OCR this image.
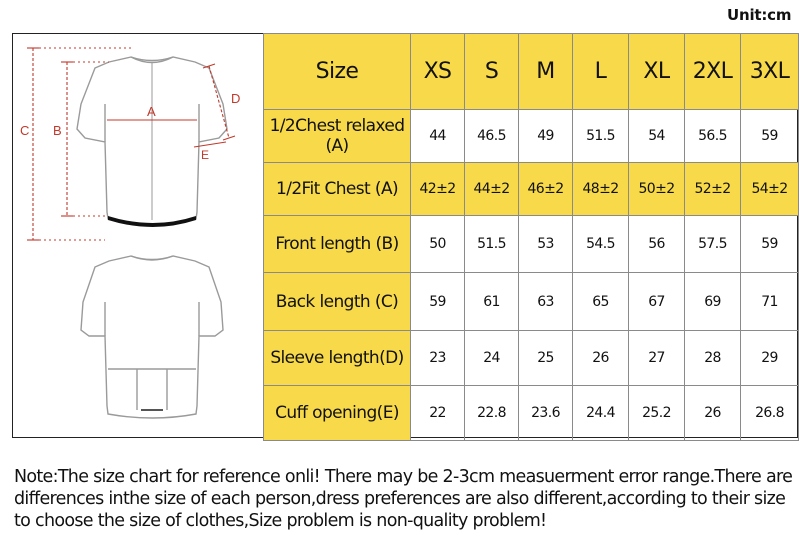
Unit:cm
A
B
C
D
E
Size	XS	S	M	L	XL	2XL	3XL
1/2Chest relaxed (A)	44	46.5	49	51.5	54	56.5	59
1/2Fit Chest (A)	42±2	44±2	46±2	48±2	50±2	52±2	54±2
Front length (B)	50	51.5	53	54.5	56	57.5	59
Back length (C)	59	61	63	65	67	69	71
Sleeve length(D)	23	24	25	26	27	28	29
Cuff opening(E)	22	22.8	23.6	24.4	25.2	26	26.8
Note:The size chart for reference onli! There may be 2-3cm measuerment error range.There are
differences inthe size of each person,dress preferences are also different,according to their size
to choose the size of clothes,Size problem is non-quality problem!
